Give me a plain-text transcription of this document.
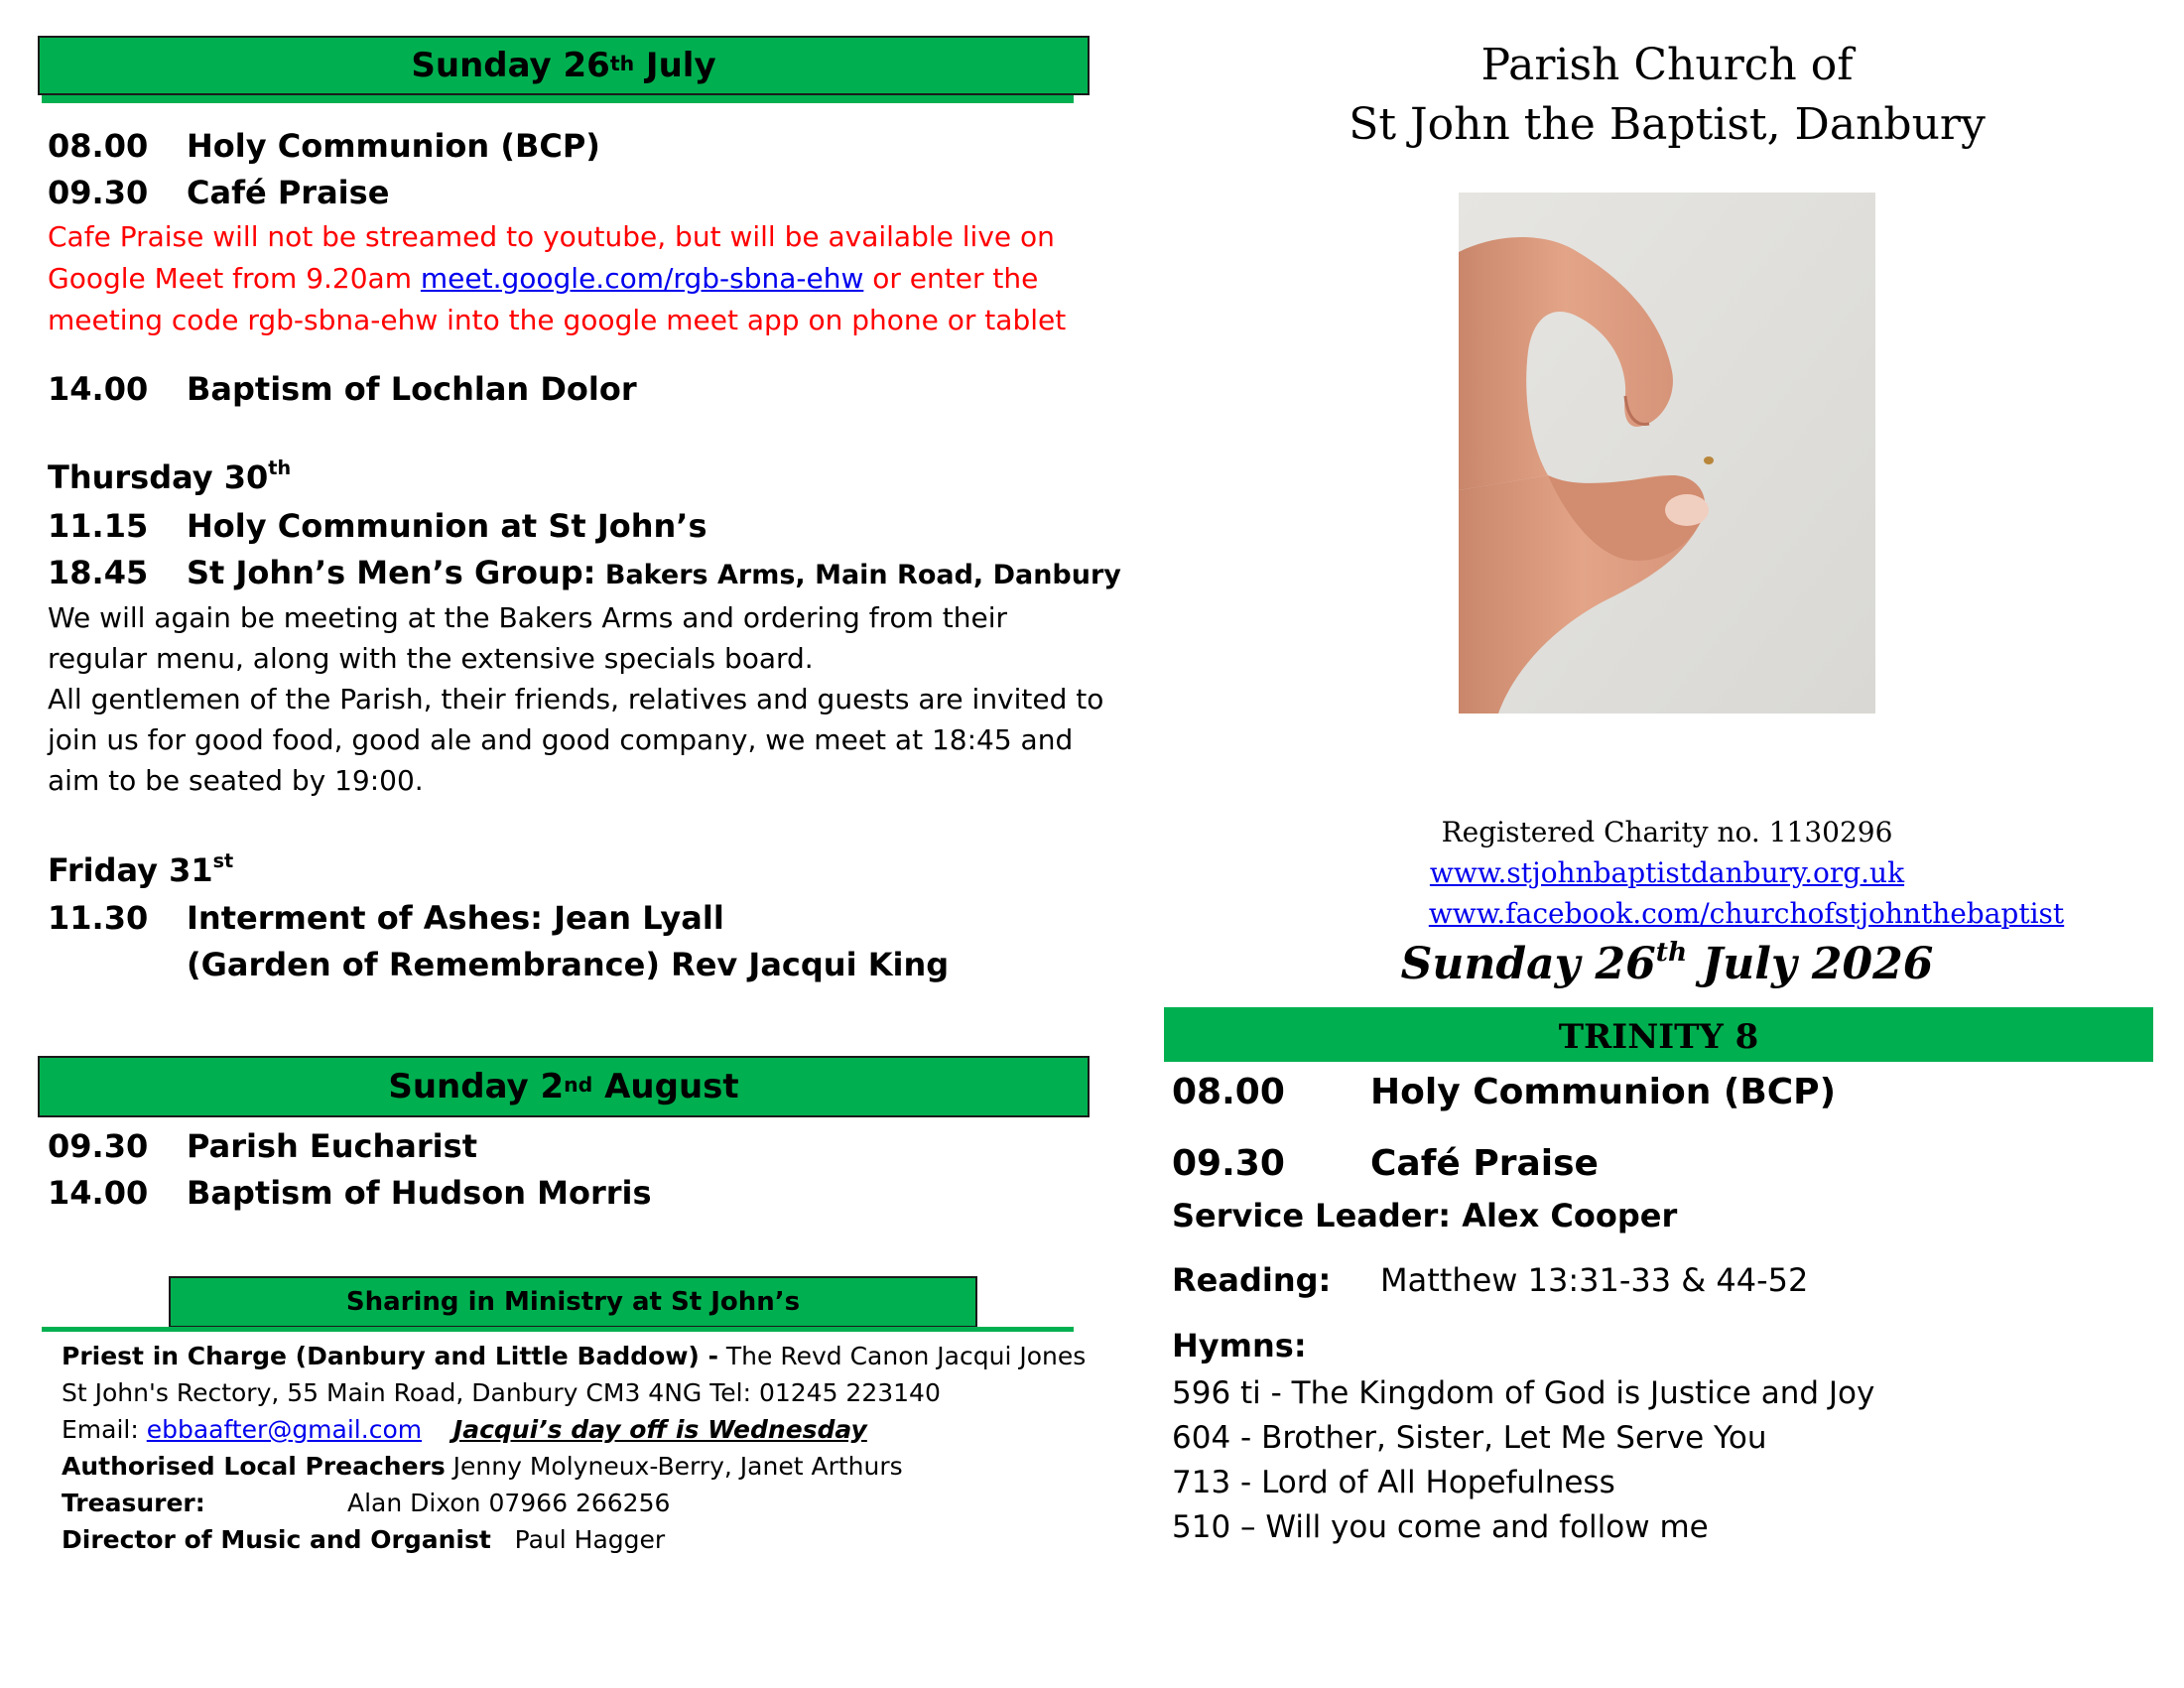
Sunday 26th July
08.00 Holy Communion (BCP)
09.30 Café Praise
Cafe Praise will not be streamed to youtube, but will be available live on
Google Meet from 9.20am meet.google.com/rgb-sbna-ehw or enter the
meeting code rgb-sbna-ehw into the google meet app on phone or tablet
14.00 Baptism of Lochlan Dolor
Thursday 30th
11.15 Holy Communion at St John’s
18.45 St John’s Men’s Group: Bakers Arms, Main Road, Danbury
We will again be meeting at the Bakers Arms and ordering from their
regular menu, along with the extensive specials board.
All gentlemen of the Parish, their friends, relatives and guests are invited to
join us for good food, good ale and good company, we meet at 18:45 and
aim to be seated by 19:00.
Friday 31st
11.30 Interment of Ashes: Jean Lyall
(Garden of Remembrance) Rev Jacqui King
Sunday 2nd August
09.30 Parish Eucharist
14.00 Baptism of Hudson Morris
Sharing in Ministry at St John’s
Priest in Charge (Danbury and Little Baddow) - The Revd Canon Jacqui Jones
St John's Rectory, 55 Main Road, Danbury CM3 4NG Tel: 01245 223140
Email: ebbaafter@gmail.com Jacqui’s day off is Wednesday
Authorised Local Preachers Jenny Molyneux-Berry, Janet Arthurs
Treasurer:	Alan Dixon 07966 266256
Director of Music and Organist Paul Hagger
Parish Church of
St John the Baptist, Danbury
Registered Charity no. 1130296
www.stjohnbaptistdanbury.org.uk
www.facebook.com/churchofstjohnthebaptist
Sunday 26th July 2026
TRINITY 8
08.00 Holy Communion (BCP)
09.30 Café Praise
Service Leader: Alex Cooper
Reading: Matthew 13:31-33 & 44-52
Hymns:
596 ti - The Kingdom of God is Justice and Joy
604 - Brother, Sister, Let Me Serve You
713 - Lord of All Hopefulness
510 – Will you come and follow me
